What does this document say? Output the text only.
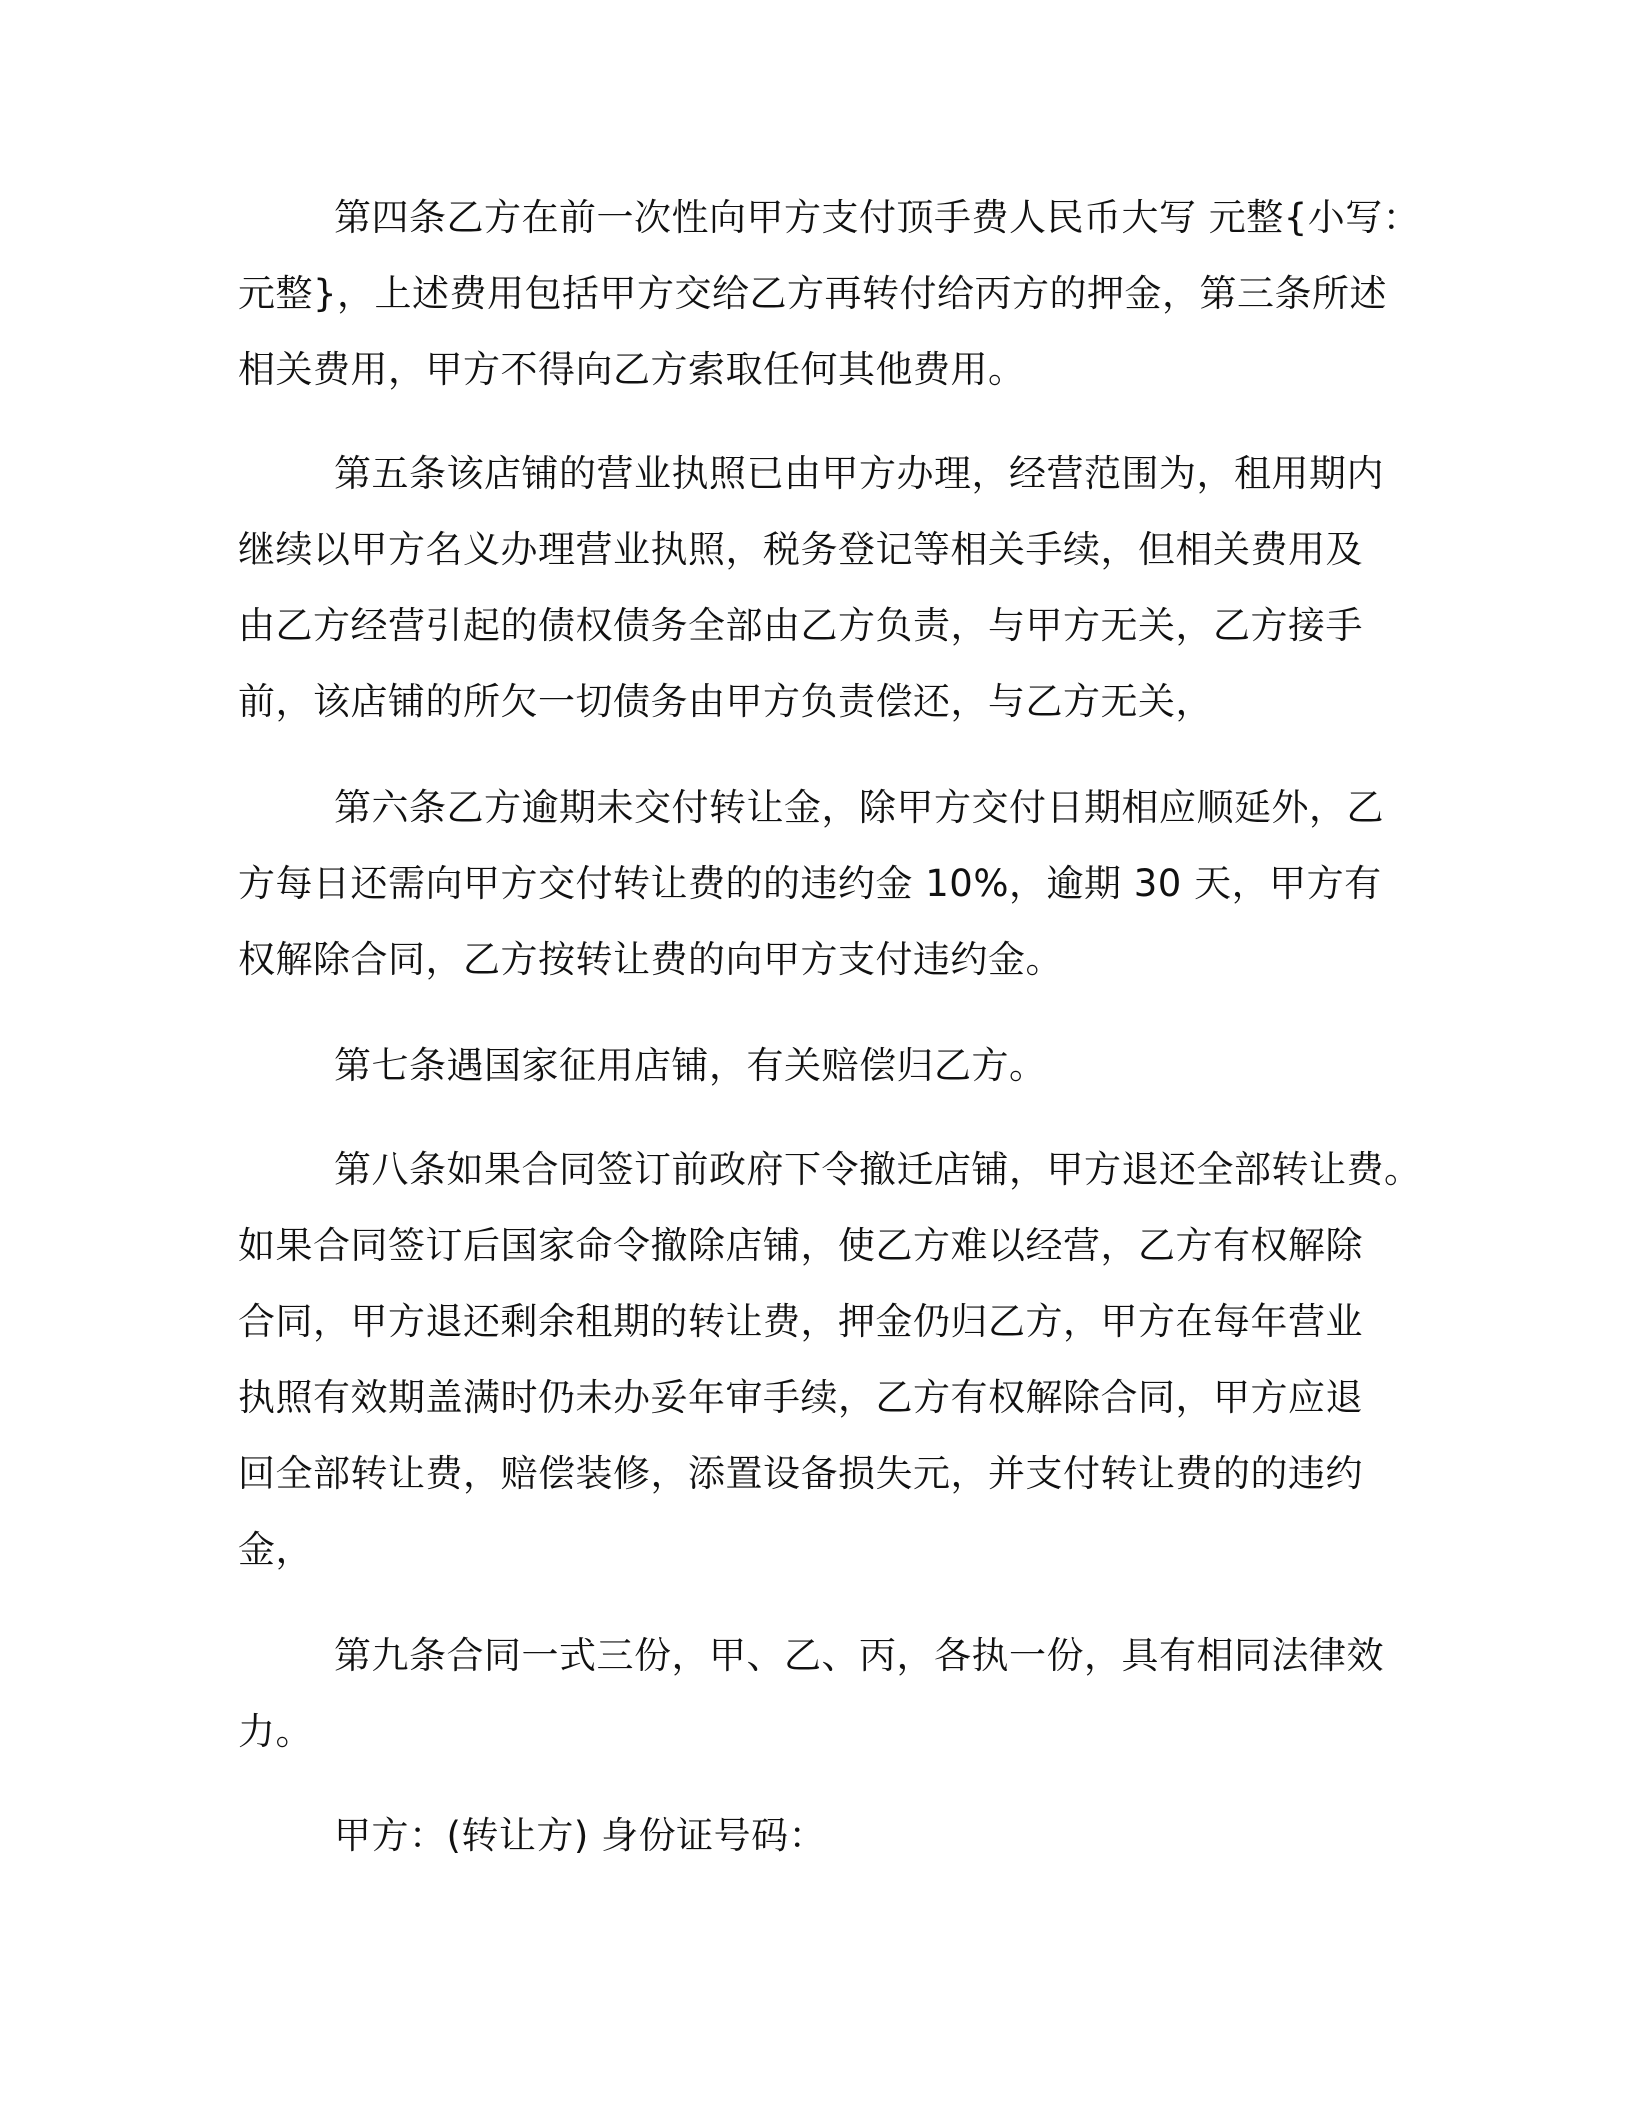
第四条乙方在前一次性向甲方支付顶手费人民币大写 元整{小写：
元整}，上述费用包括甲方交给乙方再转付给丙方的押金，第三条所述
相关费用，甲方不得向乙方索取任何其他费用。
第五条该店铺的营业执照已由甲方办理，经营范围为，租用期内
继续以甲方名义办理营业执照，税务登记等相关手续，但相关费用及
由乙方经营引起的债权债务全部由乙方负责，与甲方无关，乙方接手
前，该店铺的所欠一切债务由甲方负责偿还，与乙方无关，
第六条乙方逾期未交付转让金，除甲方交付日期相应顺延外，乙
方每日还需向甲方交付转让费的的违约金 10%，逾期 30 天，甲方有
权解除合同，乙方按转让费的向甲方支付违约金。
第七条遇国家征用店铺，有关赔偿归乙方。
第八条如果合同签订前政府下令撤迁店铺，甲方退还全部转让费。
如果合同签订后国家命令撤除店铺，使乙方难以经营，乙方有权解除
合同，甲方退还剩余租期的转让费，押金仍归乙方，甲方在每年营业
执照有效期盖满时仍未办妥年审手续，乙方有权解除合同，甲方应退
回全部转让费，赔偿装修，添置设备损失元，并支付转让费的的违约
金，
第九条合同一式三份，甲、乙、丙，各执一份，具有相同法律效
力。
甲方：(转让方) 身份证号码：
